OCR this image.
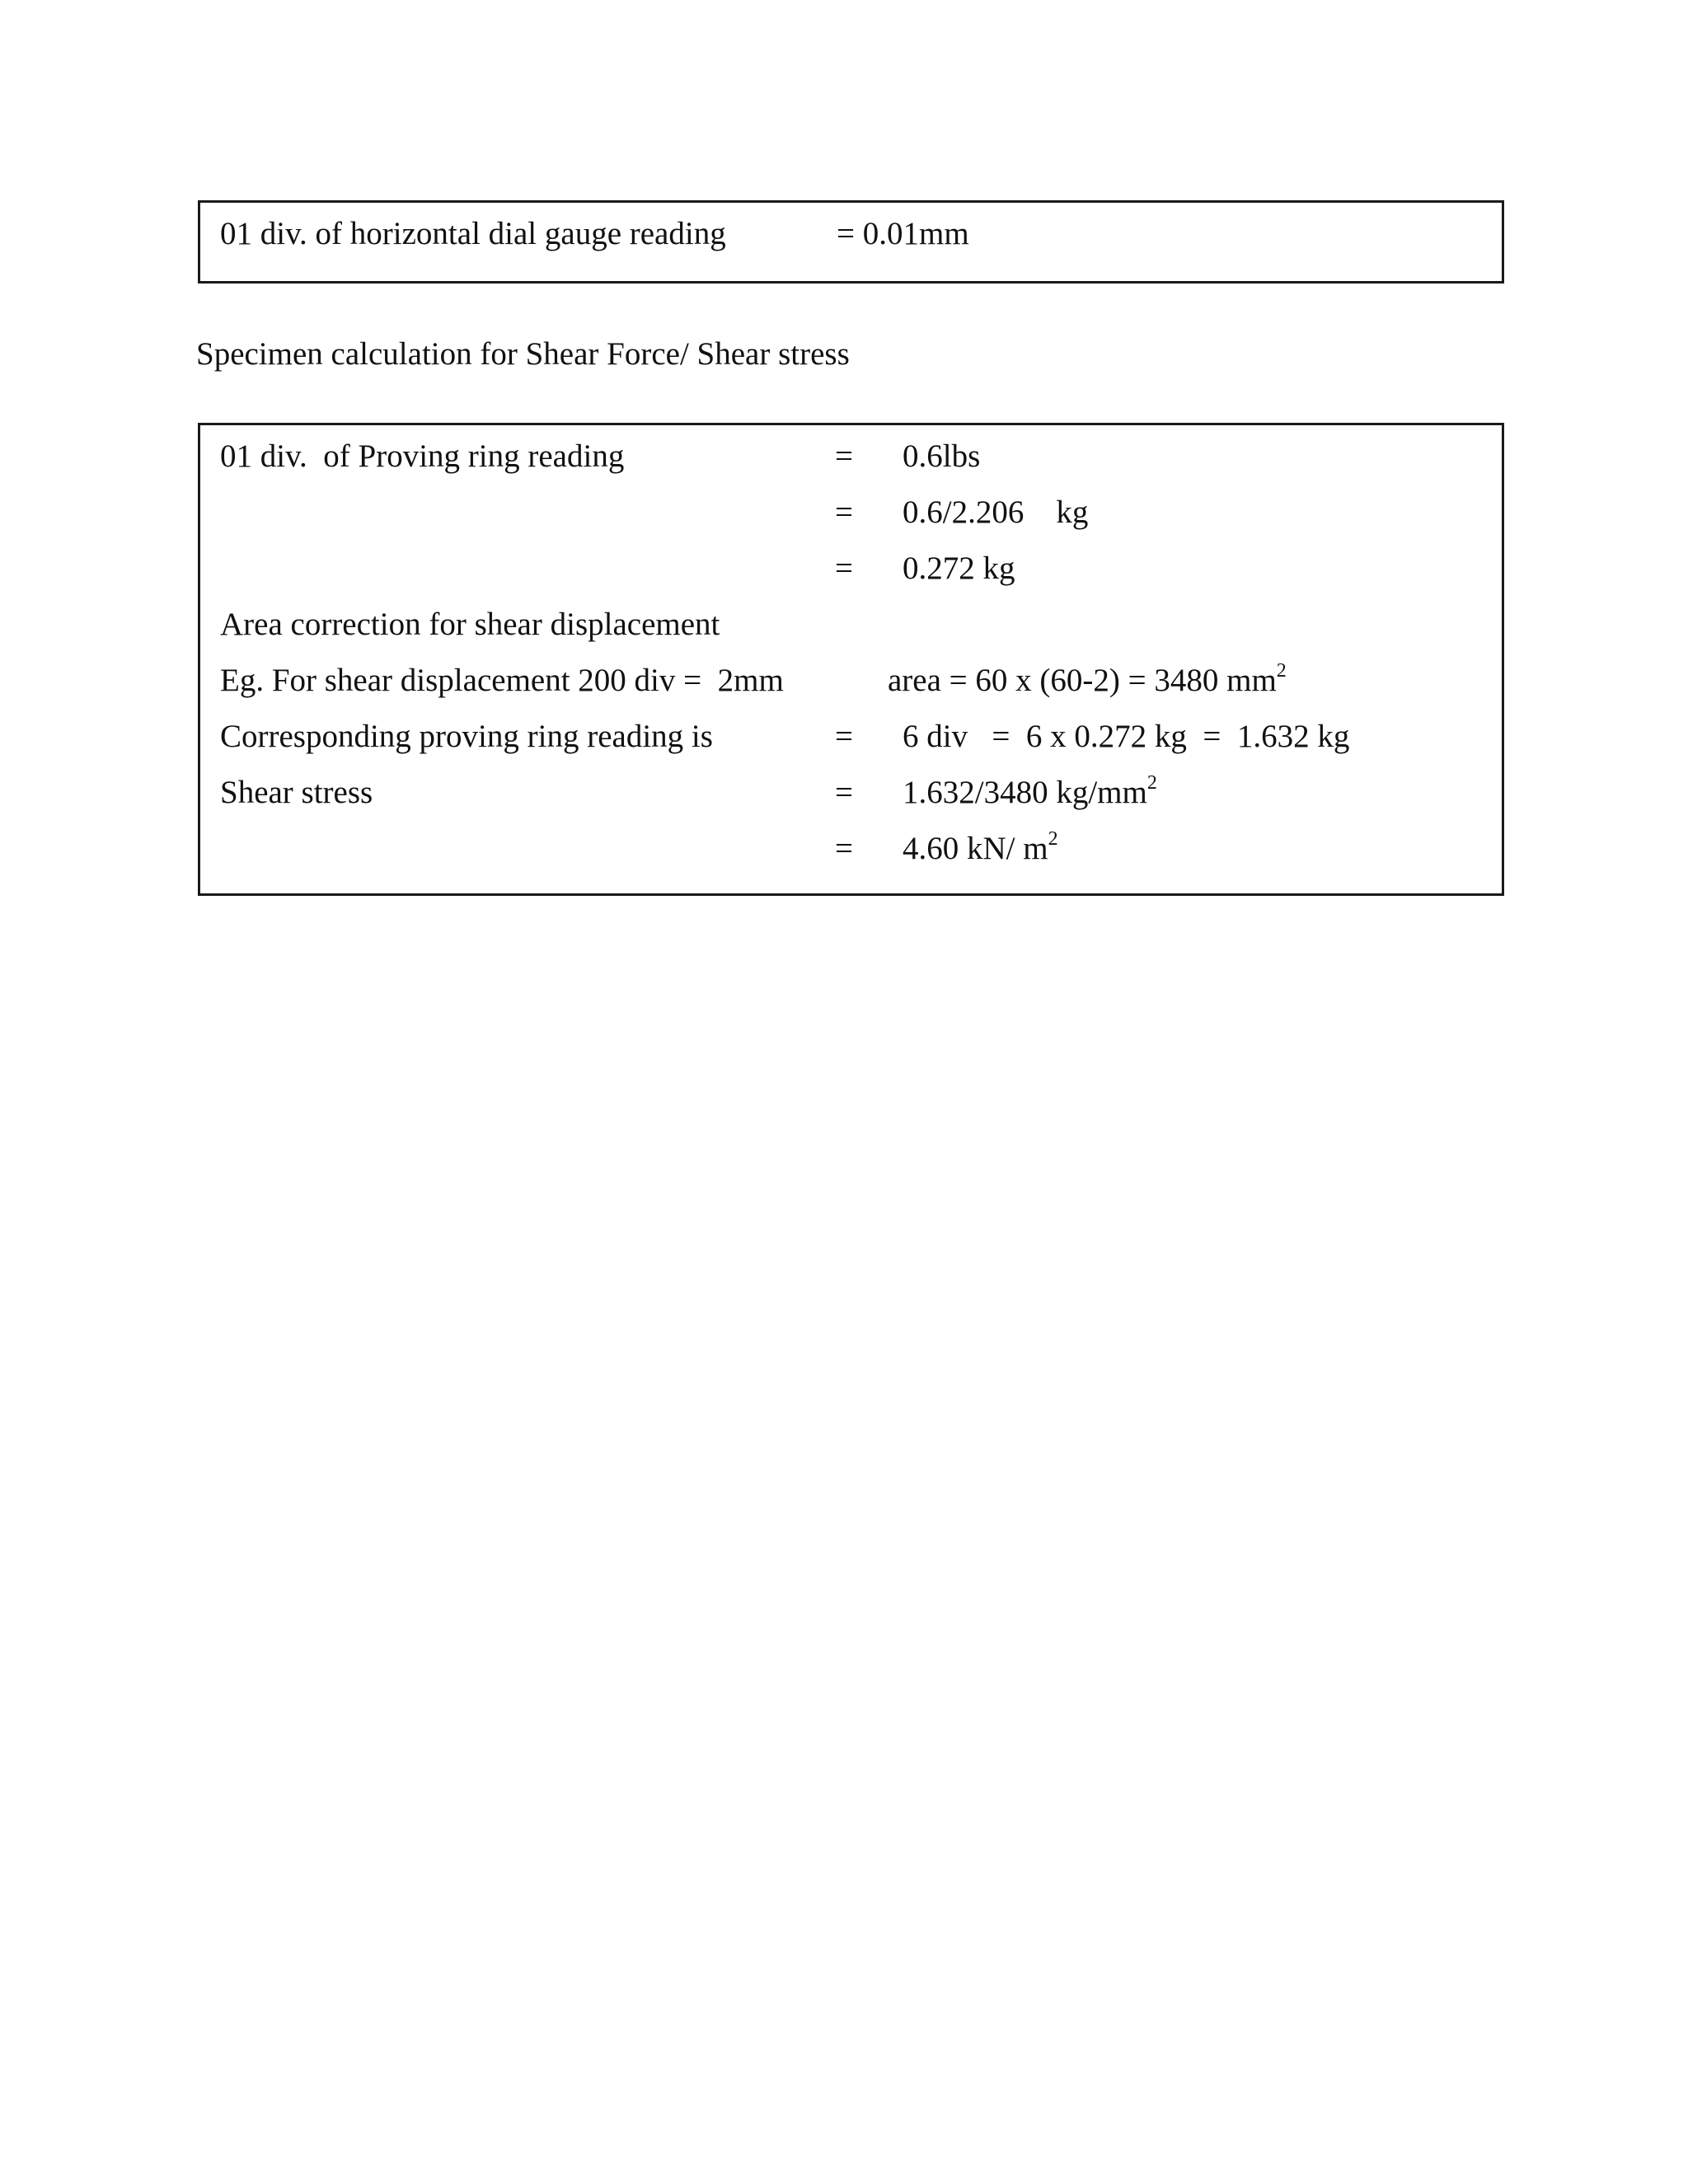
01 div. of horizontal dial gauge reading	= 0.01mm
Specimen calculation for Shear Force/ Shear stress
01 div.  of Proving ring reading	= 0.6lbs
= 0.6/2.206    kg
= 0.272 kg
Area correction for shear displacement
Eg. For shear displacement 200 div =  2mm	area = 60 x (60-2) = 3480 $mm^2$
Corresponding proving ring reading is	= 6 div   =  6 x 0.272 kg  =  1.632 kg
Shear stress	= 1.632/3480 $kg/mm^2$
= 4.60 kN/ $m^2$
